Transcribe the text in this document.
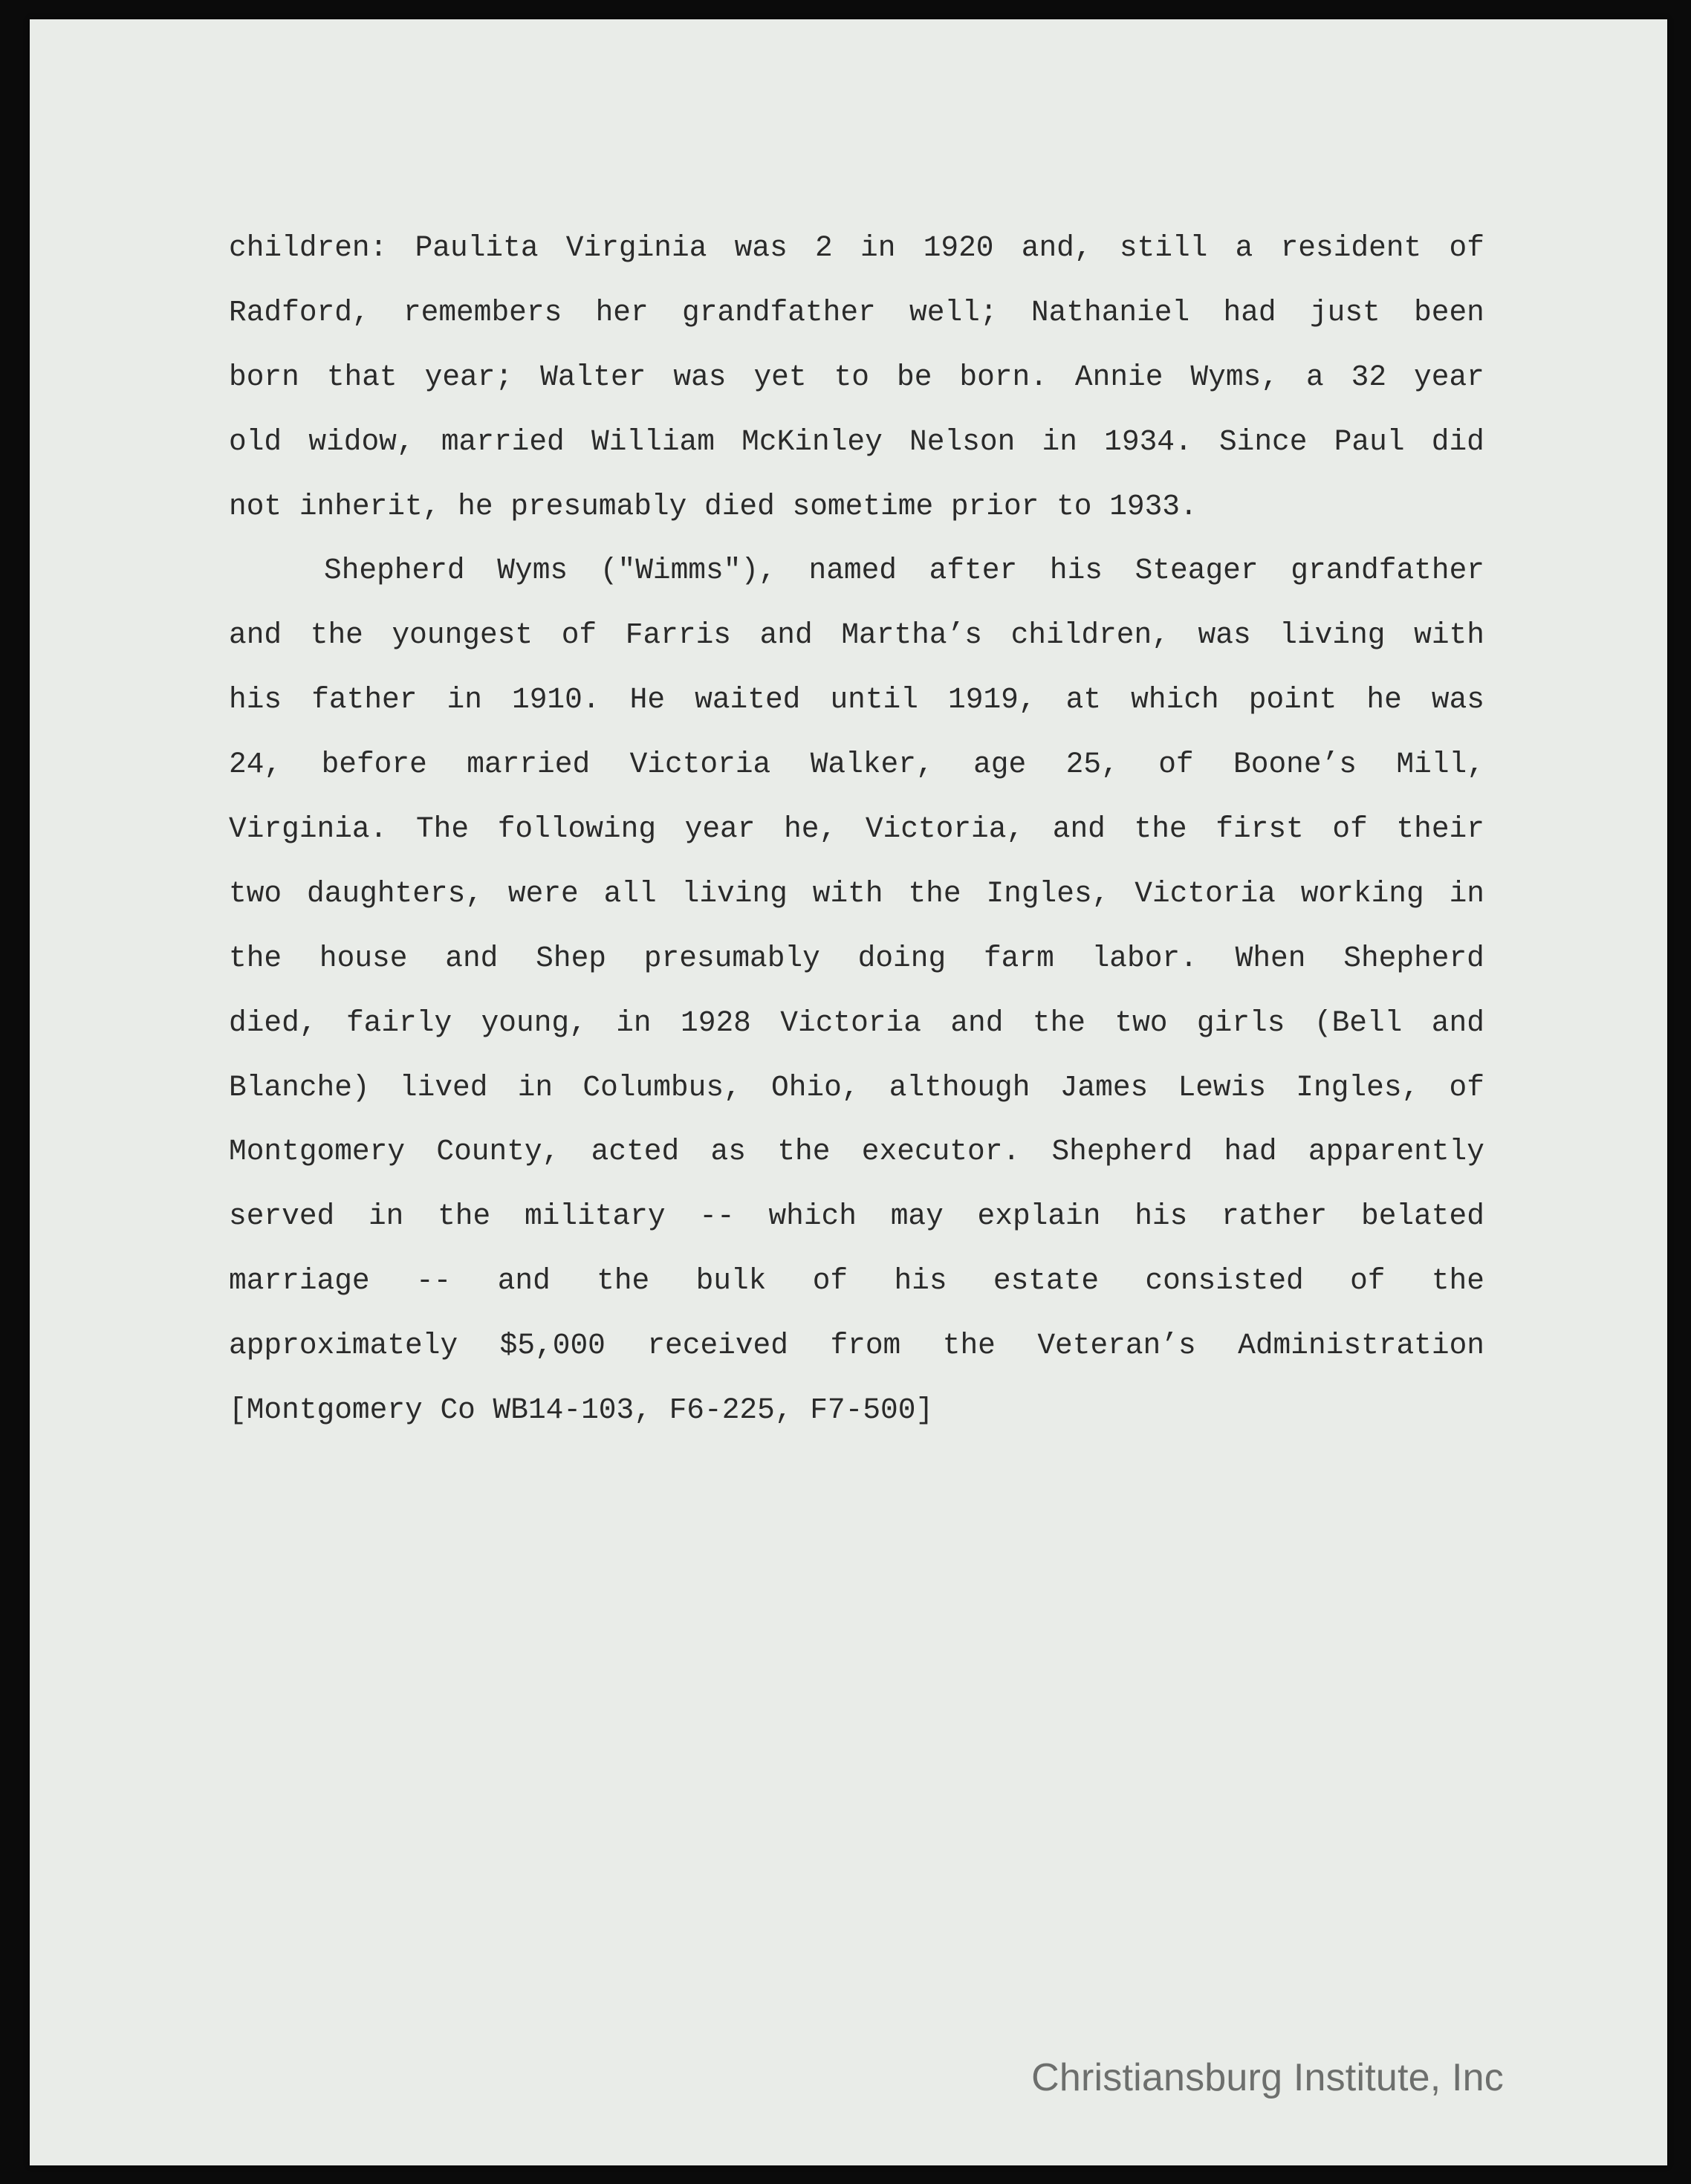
children: Paulita Virginia was 2 in 1920 and, still a resident of
Radford, remembers her grandfather well; Nathaniel had just been
born that year; Walter was yet to be born. Annie Wyms, a 32 year
old widow, married William McKinley Nelson in 1934. Since Paul did
not inherit, he presumably died sometime prior to 1933.
Shepherd Wyms ("Wimms"), named after his Steager grandfather
and the youngest of Farris and Martha’s children, was living with
his father in 1910. He waited until 1919, at which point he was
24, before married Victoria Walker, age 25, of Boone’s Mill,
Virginia. The following year he, Victoria, and the first of their
two daughters, were all living with the Ingles, Victoria working in
the house and Shep presumably doing farm labor. When Shepherd
died, fairly young, in 1928 Victoria and the two girls (Bell and
Blanche) lived in Columbus, Ohio, although James Lewis Ingles, of
Montgomery County, acted as the executor. Shepherd had apparently
served in the military -- which may explain his rather belated
marriage -- and the bulk of his estate consisted of the
approximately $5,000 received from the Veteran’s Administration
[Montgomery Co WB14-103, F6-225, F7-500]
Christiansburg Institute, Inc
